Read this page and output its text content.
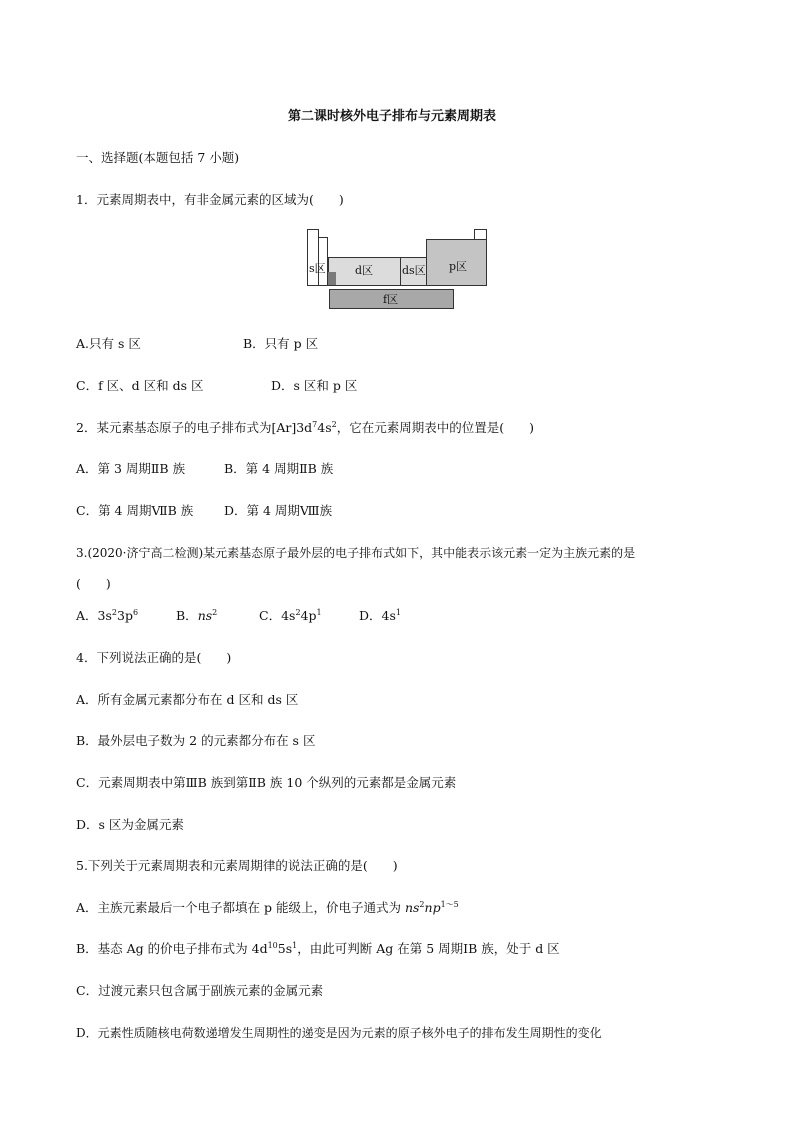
第二课时核外电子排布与元素周期表
一、选择题(本题包括 7 小题)
1．元素周期表中，有非金属元素的区域为(　　)
s区	d区	ds区 p区
f区
A.只有 s 区	B．只有 p 区
C．f 区、d 区和 ds 区	D．s 区和 p 区
2．某元素基态原子的电子排布式为$[Ar]3d^74s^2$，它在元素周期表中的位置是(　　)
A．第 3 周期ⅡB 族	B．第 4 周期ⅡB 族
C．第 4 周期ⅦB 族 D．第 4 周期Ⅷ族
3.(2020·济宁高二检测)某元素基态原子最外层的电子排布式如下，其中能表示该元素一定为主族元素的是
(　　)
A．$3s^23p^6$	B．$ns^2$	C．$4s^24p^1$	D．$4s^1$
4．下列说法正确的是(　　)
A．所有金属元素都分布在 d 区和 ds 区
B．最外层电子数为 2 的元素都分布在 s 区
C．元素周期表中第ⅢB 族到第ⅡB 族 10 个纵列的元素都是金属元素
D．s 区为金属元素
5.下列关于元素周期表和元素周期律的说法正确的是(　　)
A．主族元素最后一个电子都填在 p 能级上，价电子通式为 $ns^2np^{1\sim 5}$
B．基态 Ag 的价电子排布式为 $4d^{10}5s^1$，由此可判断 Ag 在第 5 周期ⅠB 族，处于 d 区
C．过渡元素只包含属于副族元素的金属元素
D．元素性质随核电荷数递增发生周期性的递变是因为元素的原子核外电子的排布发生周期性的变化
